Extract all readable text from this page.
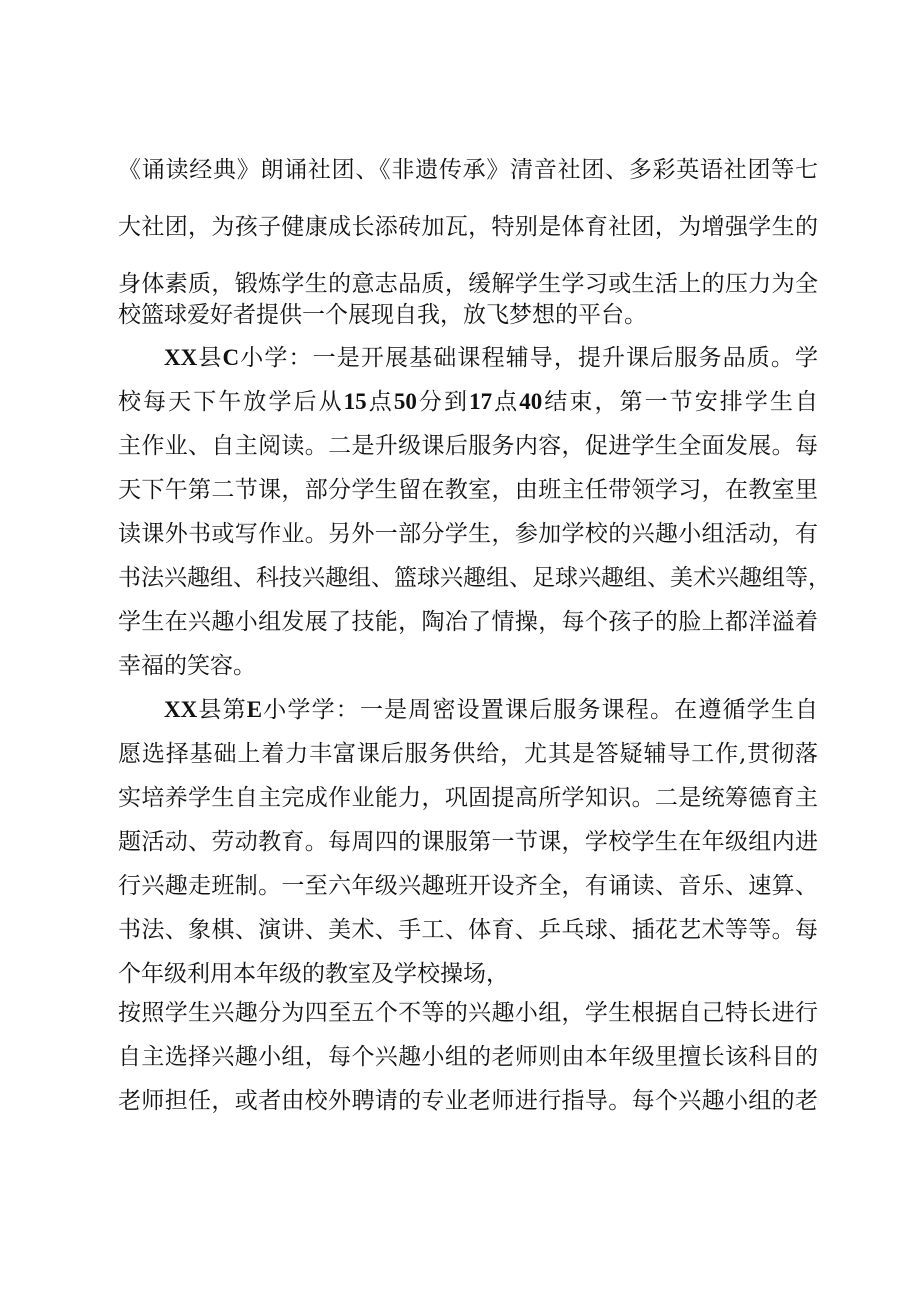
《诵读经典》朗诵社团、《非遗传承》清音社团、多彩英语社团等七
大社团，为孩子健康成长添砖加瓦，特别是体育社团，为增强学生的
身体素质，锻炼学生的意志品质，缓解学生学习或生活上的压力为全
校篮球爱好者提供一个展现自我，放飞梦想的平台。
XX县C小学：一是开展基础课程辅导，提升课后服务品质。学
校每天下午放学后从15点50分到17点40结束，第一节安排学生自
主作业、自主阅读。二是升级课后服务内容，促进学生全面发展。每
天下午第二节课，部分学生留在教室，由班主任带领学习，在教室里
读课外书或写作业。另外一部分学生，参加学校的兴趣小组活动，有
书法兴趣组、科技兴趣组、篮球兴趣组、足球兴趣组、美术兴趣组等，
学生在兴趣小组发展了技能，陶冶了情操，每个孩子的脸上都洋溢着
幸福的笑容。
XX县第E小学学：一是周密设置课后服务课程。在遵循学生自
愿选择基础上着力丰富课后服务供给，尤其是答疑辅导工作,贯彻落
实培养学生自主完成作业能力，巩固提高所学知识。二是统筹德育主
题活动、劳动教育。每周四的课服第一节课，学校学生在年级组内进
行兴趣走班制。一至六年级兴趣班开设齐全，有诵读、音乐、速算、
书法、象棋、演讲、美术、手工、体育、乒乓球、插花艺术等等。每
个年级利用本年级的教室及学校操场，
按照学生兴趣分为四至五个不等的兴趣小组，学生根据自己特长进行
自主选择兴趣小组，每个兴趣小组的老师则由本年级里擅长该科目的
老师担任，或者由校外聘请的专业老师进行指导。每个兴趣小组的老
